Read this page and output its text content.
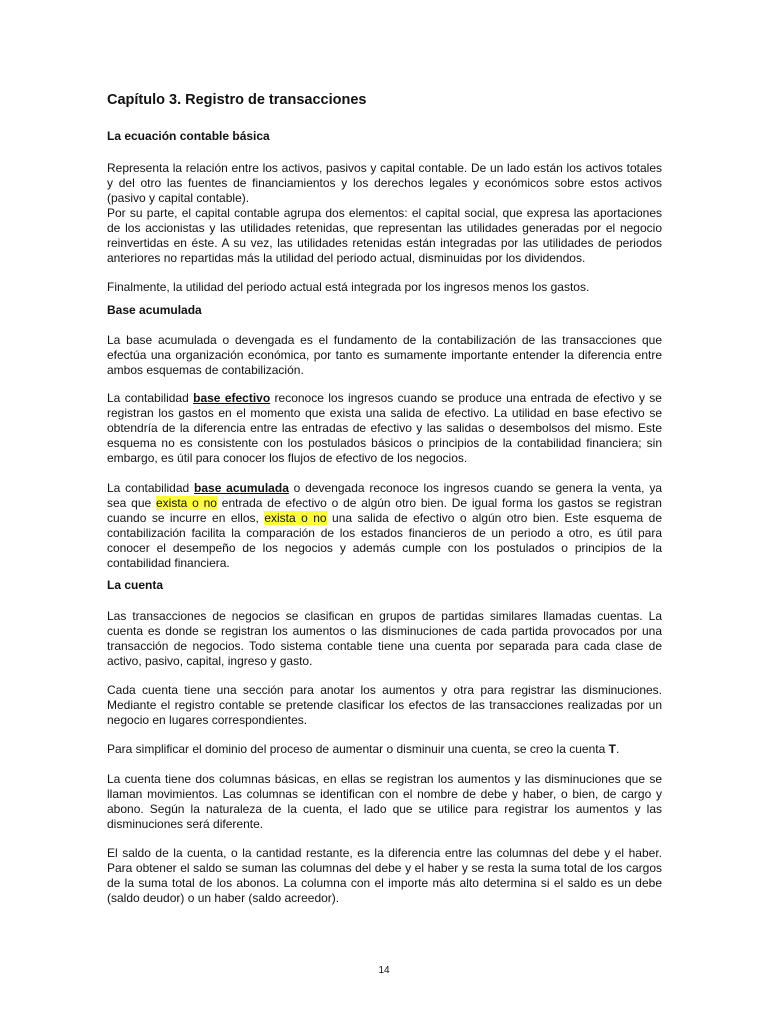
Capítulo 3. Registro de transacciones
La ecuación contable básica

Representa la relación entre los activos, pasivos y capital contable. De un lado están los activos totales y del otro las fuentes de financiamientos y los derechos legales y económicos sobre estos activos (pasivo y capital contable).

Por su parte, el capital contable agrupa dos elementos: el capital social, que expresa las aportaciones de los accionistas y las utilidades retenidas, que representan las utilidades generadas por el negocio reinvertidas en éste. A su vez, las utilidades retenidas están integradas por las utilidades de periodos anteriores no repartidas más la utilidad del periodo actual, disminuidas por los dividendos.

Finalmente, la utilidad del periodo actual está integrada por los ingresos menos los gastos.

Base acumulada

La base acumulada o devengada es el fundamento de la contabilización de las transacciones que efectúa una organización económica, por tanto es sumamente importante entender la diferencia entre ambos esquemas de contabilización.

La contabilidad base efectivo reconoce los ingresos cuando se produce una entrada de efectivo y se registran los gastos en el momento que exista una salida de efectivo. La utilidad en base efectivo se obtendría de la diferencia entre las entradas de efectivo y las salidas o desembolsos del mismo. Este esquema no es consistente con los postulados básicos o principios de la contabilidad financiera; sin embargo, es útil para conocer los flujos de efectivo de los negocios.

La contabilidad base acumulada o devengada reconoce los ingresos cuando se genera la venta, ya sea que exista o no entrada de efectivo o de algún otro bien. De igual forma los gastos se registran cuando se incurre en ellos, exista o no una salida de efectivo o algún otro bien. Este esquema de contabilización facilita la comparación de los estados financieros de un periodo a otro, es útil para conocer el desempeño de los negocios y además cumple con los postulados o principios de la contabilidad financiera.

La cuenta

Las transacciones de negocios se clasifican en grupos de partidas similares llamadas cuentas. La cuenta es donde se registran los aumentos o las disminuciones de cada partida provocados por una transacción de negocios. Todo sistema contable tiene una cuenta por separada para cada clase de activo, pasivo, capital, ingreso y gasto.

Cada cuenta tiene una sección para anotar los aumentos y otra para registrar las disminuciones. Mediante el registro contable se pretende clasificar los efectos de las transacciones realizadas por un negocio en lugares correspondientes.

Para simplificar el dominio del proceso de aumentar o disminuir una cuenta, se creo la cuenta T.

La cuenta tiene dos columnas básicas, en ellas se registran los aumentos y las disminuciones que se llaman movimientos. Las columnas se identifican con el nombre de debe y haber, o bien, de cargo y abono. Según la naturaleza de la cuenta, el lado que se utilice para registrar los aumentos y las disminuciones será diferente.

El saldo de la cuenta, o la cantidad restante, es la diferencia entre las columnas del debe y el haber. Para obtener el saldo se suman las columnas del debe y el haber y se resta la suma total de los cargos de la suma total de los abonos. La columna con el importe más alto determina si el saldo es un debe (saldo deudor) o un haber (saldo acreedor).

14
